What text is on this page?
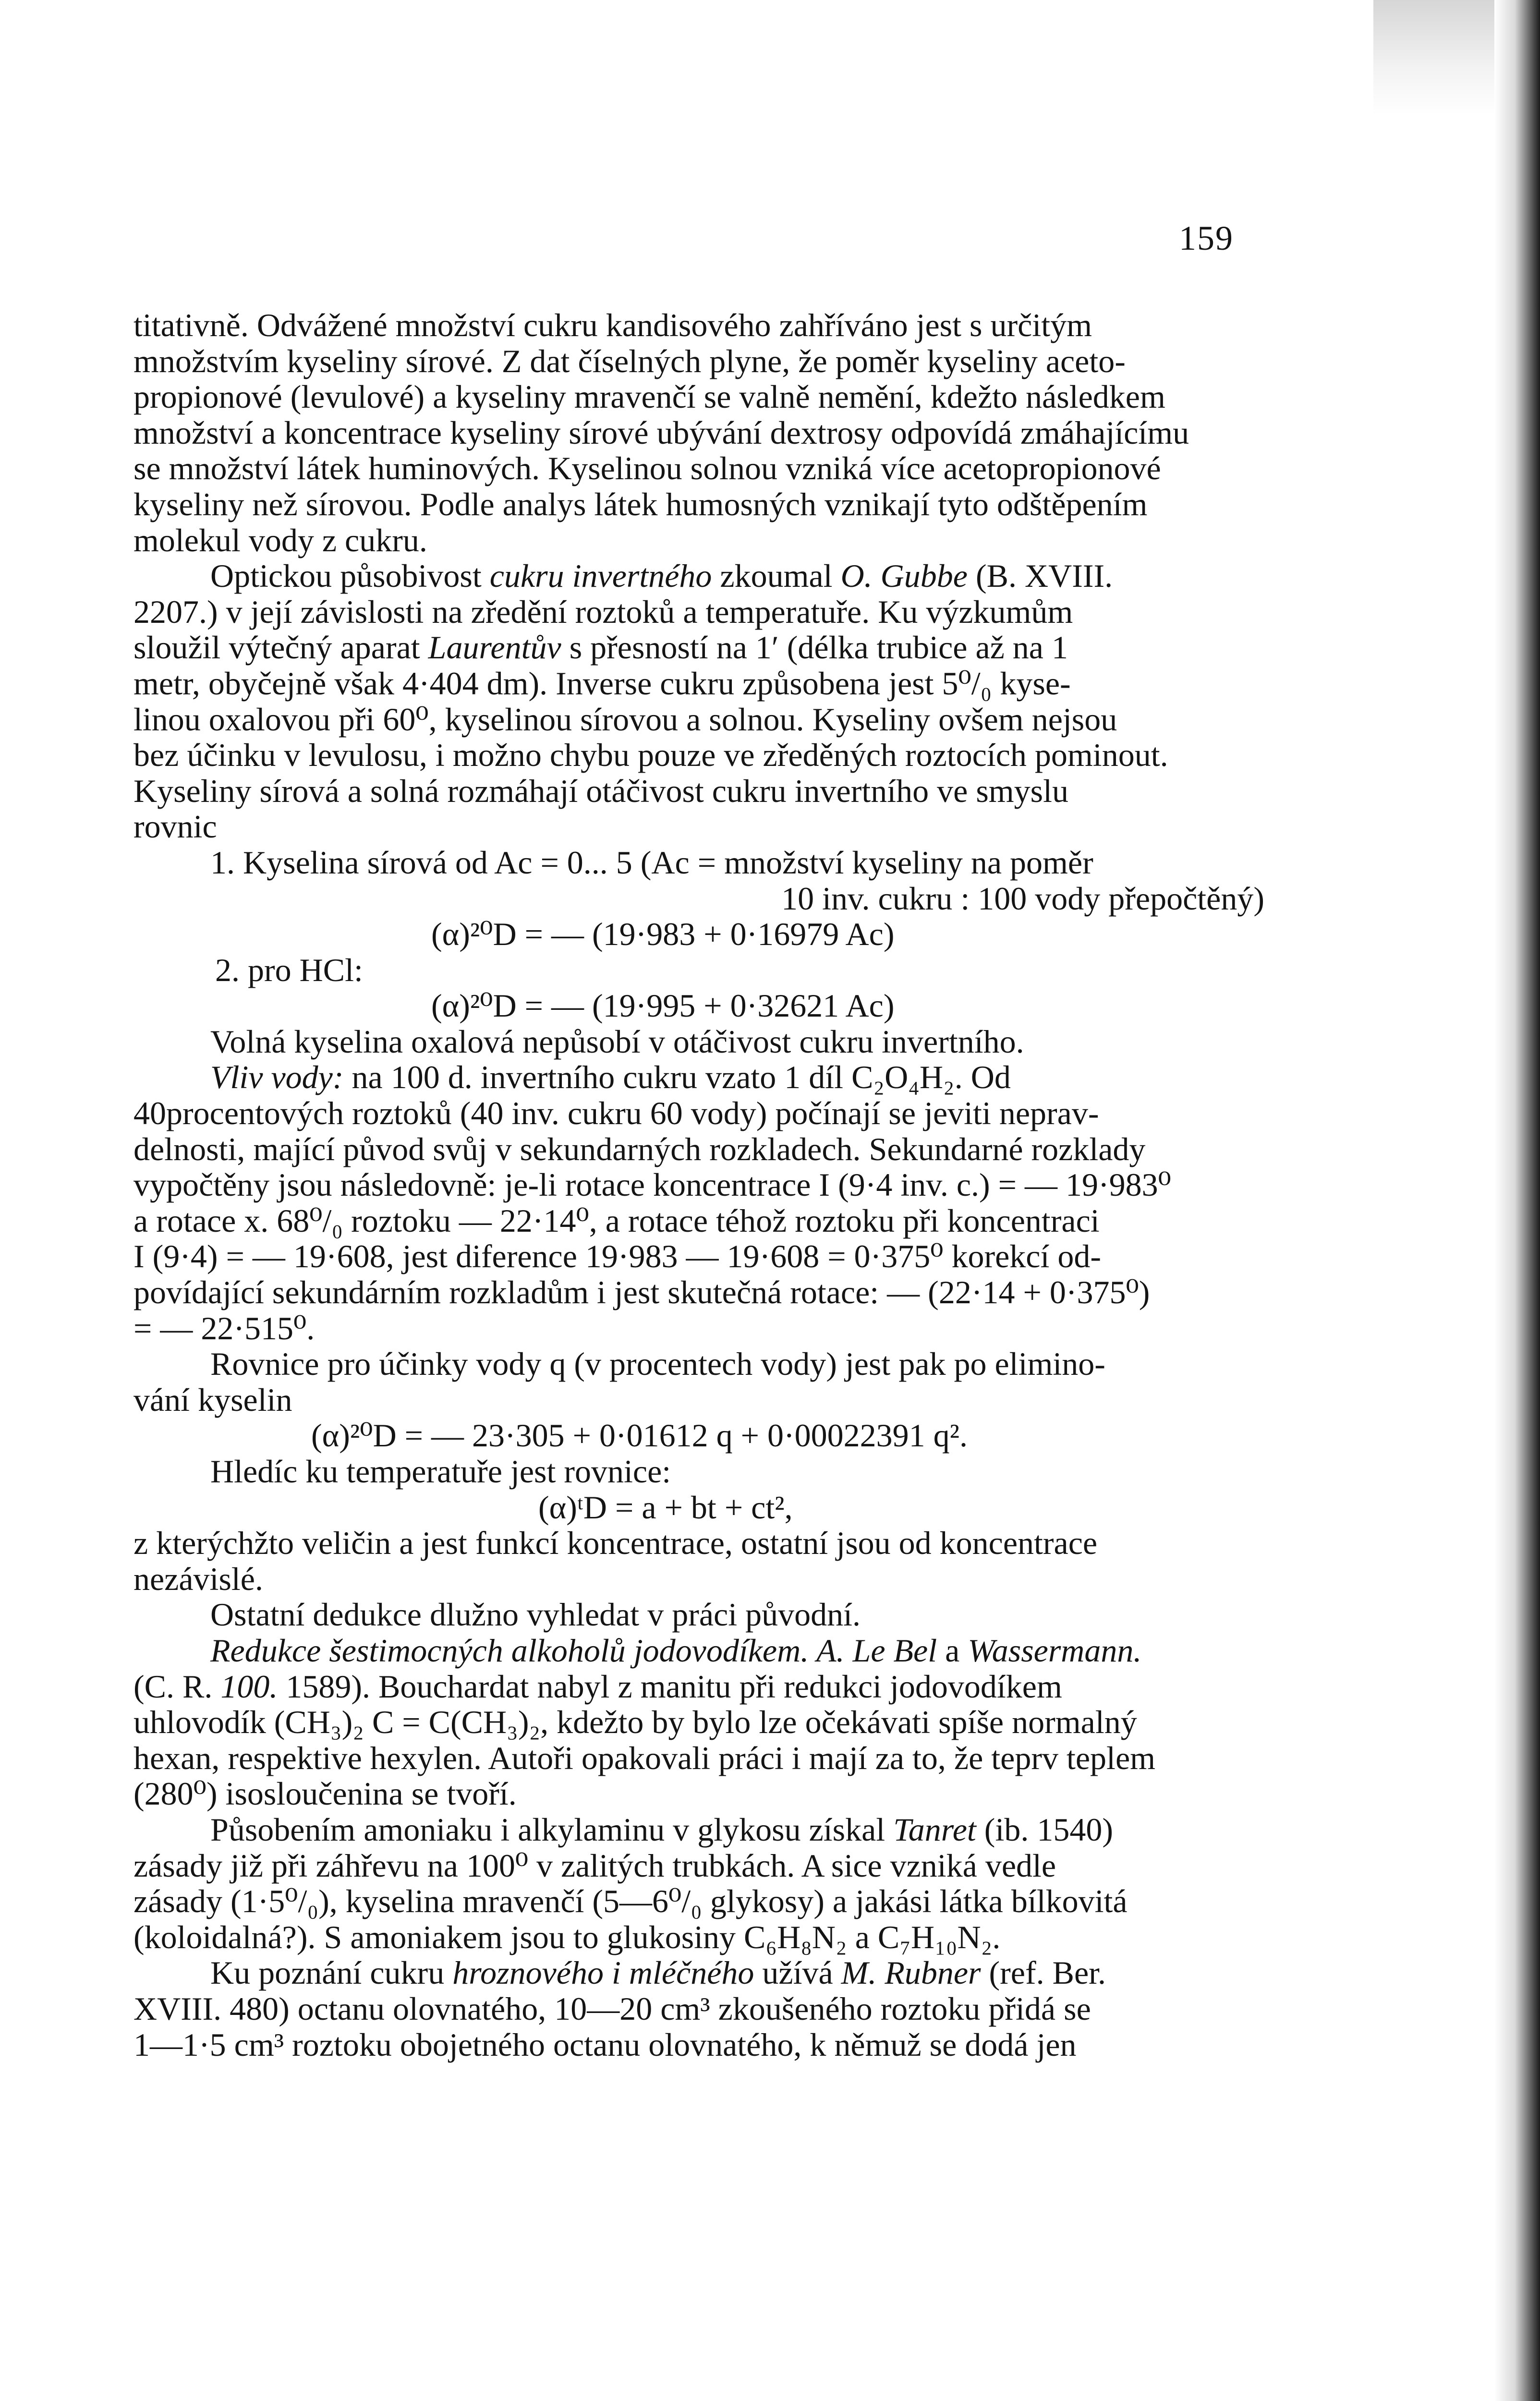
159

titativně. Odvážené množství cukru kandisového zahříváno jest s určitým

množstvím kyseliny sírové. Z dat číselných plyne, že poměr kyseliny aceto-

propionové (levulové) a kyseliny mravenčí se valně nemění, kdežto následkem

množství a koncentrace kyseliny sírové ubývání dextrosy odpovídá zmáhajícímu

se množství látek huminových. Kyselinou solnou vzniká více acetopropionové

kyseliny než sírovou. Podle analys látek humosných vznikají tyto odštěpením

molekul vody z cukru.

Optickou působivost cukru invertného zkoumal O. Gubbe (B. XVIII.

2207.) v její závislosti na zředění roztoků a temperatuře. Ku výzkumům

sloužil výtečný aparat Laurentův s přesností na 1′ (délka trubice až na 1

metr, obyčejně však 4·404 dm). Inverse cukru způsobena jest 5⁰/₀ kyse-

linou oxalovou při 60⁰, kyselinou sírovou a solnou. Kyseliny ovšem nejsou

bez účinku v levulosu, i možno chybu pouze ve zředěných roztocích pominout.

Kyseliny sírová a solná rozmáhají otáčivost cukru invertního ve smyslu

rovnic

1. Kyselina sírová od Ac = 0... 5 (Ac = množství kyseliny na poměr

10 inv. cukru : 100 vody přepočtěný)

(α)²⁰D = — (19·983 + 0·16979 Ac)

2. pro HCl:

(α)²⁰D = — (19·995 + 0·32621 Ac)

Volná kyselina oxalová nepůsobí v otáčivost cukru invertního.

Vliv vody: na 100 d. invertního cukru vzato 1 díl C₂O₄H₂. Od

40procentových roztoků (40 inv. cukru 60 vody) počínají se jeviti neprav-

delnosti, mající původ svůj v sekundarných rozkladech. Sekundarné rozklady

vypočtěny jsou následovně: je-li rotace koncentrace I (9·4 inv. c.) = — 19·983⁰

a rotace x. 68⁰/₀ roztoku — 22·14⁰, a rotace téhož roztoku při koncentraci

I (9·4) = — 19·608, jest diference 19·983 — 19·608 = 0·375⁰ korekcí od-

povídající sekundárním rozkladům i jest skutečná rotace: — (22·14 + 0·375⁰)

= — 22·515⁰.

Rovnice pro účinky vody q (v procentech vody) jest pak po elimino-

vání kyselin

(α)²⁰D = — 23·305 + 0·01612 q + 0·00022391 q².

Hledíc ku temperatuře jest rovnice:

(α)ᵗD = a + bt + ct²,

z kterýchžto veličin a jest funkcí koncentrace, ostatní jsou od koncentrace

nezávislé.

Ostatní dedukce dlužno vyhledat v práci původní.

Redukce šestimocných alkoholů jodovodíkem. A. Le Bel a Wassermann.

(C. R. 100. 1589). Bouchardat nabyl z manitu při redukci jodovodíkem

uhlovodík (CH₃)₂ C = C(CH₃)₂, kdežto by bylo lze očekávati spíše normalný

hexan, respektive hexylen. Autoři opakovali práci i mají za to, že teprv teplem

(280⁰) isosloučenina se tvoří.

Působením amoniaku i alkylaminu v glykosu získal Tanret (ib. 1540)

zásady již při záhřevu na 100⁰ v zalitých trubkách. A sice vzniká vedle

zásady (1·5⁰/₀), kyselina mravenčí (5—6⁰/₀ glykosy) a jakási látka bílkovitá

(koloidalná?). S amoniakem jsou to glukosiny C₆H₈N₂ a C₇H₁₀N₂.

Ku poznání cukru hroznového i mléčného užívá M. Rubner (ref. Ber.

XVIII. 480) octanu olovnatého, 10—20 cm³ zkoušeného roztoku přidá se

1—1·5 cm³ roztoku obojetného octanu olovnatého, k němuž se dodá jen
